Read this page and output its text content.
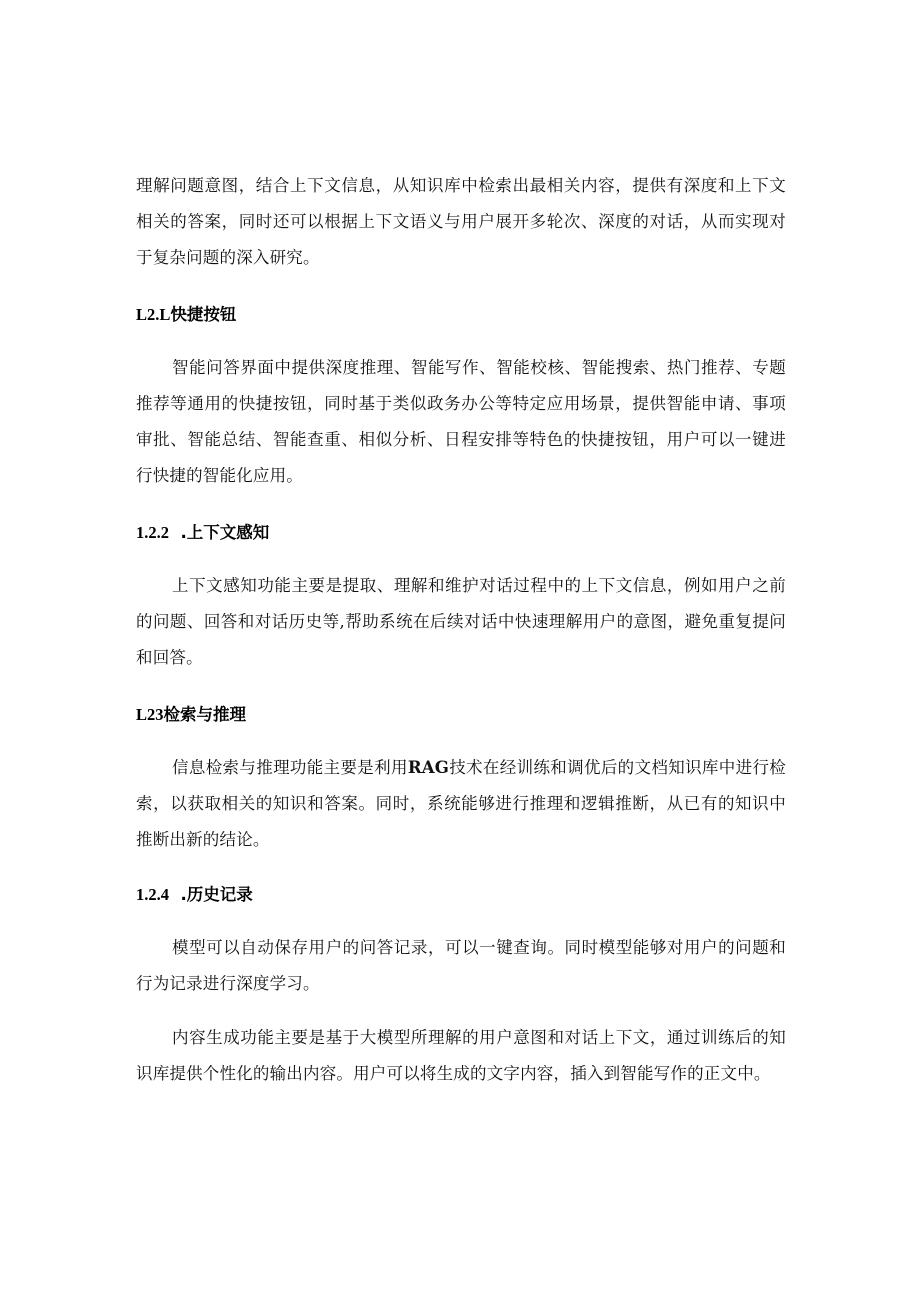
理解问题意图，结合上下文信息，从知识库中检索出最相关内容，提供有深度和上下文相关的答案，同时还可以根据上下文语义与用户展开多轮次、深度的对话，从而实现对于复杂问题的深入研究。

L2.L快捷按钮

智能问答界面中提供深度推理、智能写作、智能校核、智能搜索、热门推荐、专题推荐等通用的快捷按钮，同时基于类似政务办公等特定应用场景，提供智能申请、事项审批、智能总结、智能查重、相似分析、日程安排等特色的快捷按钮，用户可以一键进行快捷的智能化应用。

1.2.2 .上下文感知

上下文感知功能主要是提取、理解和维护对话过程中的上下文信息，例如用户之前的问题、回答和对话历史等,帮助系统在后续对话中快速理解用户的意图，避免重复提问和回答。

L23检索与推理

信息检索与推理功能主要是利用RAG技术在经训练和调优后的文档知识库中进行检索，以获取相关的知识和答案。同时，系统能够进行推理和逻辑推断，从已有的知识中推断出新的结论。

1.2.4 .历史记录

模型可以自动保存用户的问答记录，可以一键查询。同时模型能够对用户的问题和行为记录进行深度学习。

内容生成功能主要是基于大模型所理解的用户意图和对话上下文，通过训练后的知识库提供个性化的输出内容。用户可以将生成的文字内容，插入到智能写作的正文中。
